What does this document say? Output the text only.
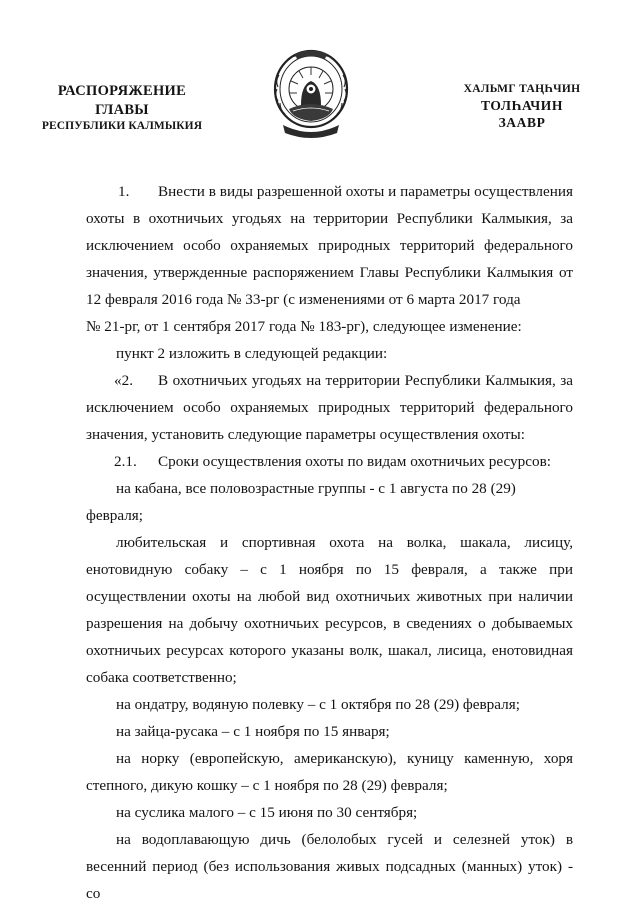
РАСПОРЯЖЕНИЕ
ГЛАВЫ
РЕСПУБЛИКИ КАЛМЫКИЯ
ХАЛЬМГ ТАҢҺЧИН
ТОЛҺАЧИН
ЗААВР

1. Внести в виды разрешенной охоты и параметры осуществления

охоты в охотничьих угодьях на территории Республики Калмыкия, за

исключением особо охраняемых природных территорий федерального

значения, утвержденные распоряжением Главы Республики Калмыкия от

12 февраля 2016 года № 33-рг (с изменениями от 6 марта 2017 года

№ 21-рг, от 1 сентября 2017 года № 183-рг), следующее изменение:

пункт 2 изложить в следующей редакции:

«2. В охотничьих угодьях на территории Республики Калмыкия, за

исключением особо охраняемых природных территорий федерального

значения, установить следующие параметры осуществления охоты:

2.1. Сроки осуществления охоты по видам охотничьих ресурсов:

на кабана, все половозрастные группы - с 1 августа по 28 (29) февраля;

любительская и спортивная охота на волка, шакала, лисицу,

енотовидную собаку – с 1 ноября по 15 февраля, а также при

осуществлении охоты на любой вид охотничьих животных при наличии

разрешения на добычу охотничьих ресурсов, в сведениях о добываемых

охотничьих ресурсах которого указаны волк, шакал, лисица, енотовидная

собака соответственно;

на ондатру, водяную полевку – с 1 октября по 28 (29) февраля;

на зайца-русака – с 1 ноября по 15 января;

на норку (европейскую, американскую), куницу каменную, хоря

степного, дикую кошку – с 1 ноября по 28 (29) февраля;

на суслика малого – с 15 июня по 30 сентября;

на водоплавающую дичь (белолобых гусей и селезней уток) в

весенний период (без использования живых подсадных (манных) уток) - со
